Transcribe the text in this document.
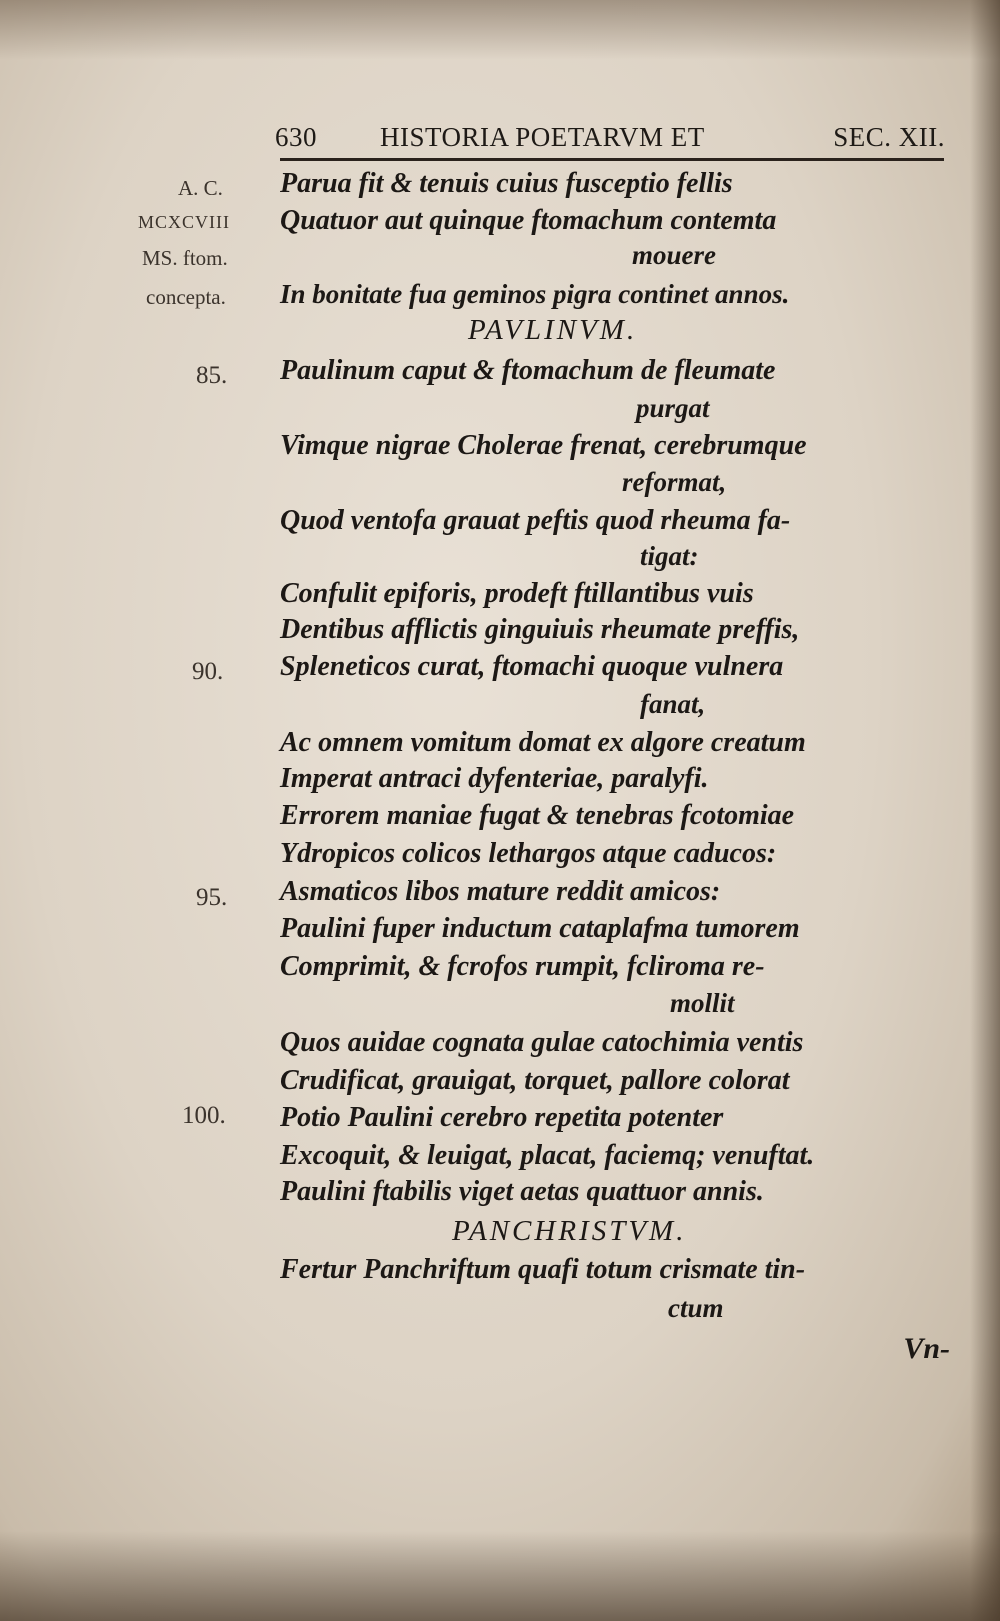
630 HISTORIA POETARVM ET	SEC. XII.
A. C.
MCXCVIII
MS. ftom.
concepta.
85.
90.
95.
100.
Parua fit & tenuis cuius fusceptio fellis
Quatuor aut quinque ftomachum contemta
mouere
In bonitate fua geminos pigra continet annos.
PAVLINVM.
Paulinum caput & ftomachum de fleumate
purgat
Vimque nigrae Cholerae frenat, cerebrumque
reformat,
Quod ventofa grauat peftis quod rheuma fa-
tigat:
Confulit epiforis, prodeft ftillantibus vuis
Dentibus afflictis ginguiuis rheumate preffis,
Spleneticos curat, ftomachi quoque vulnera
fanat,
Ac omnem vomitum domat ex algore creatum
Imperat antraci dyfenteriae, paralyfi.
Errorem maniae fugat & tenebras fcotomiae
Ydropicos colicos lethargos atque caducos:
Asmaticos libos mature reddit amicos:
Paulini fuper inductum cataplafma tumorem
Comprimit, & fcrofos rumpit, fcliroma re-
mollit
Quos auidae cognata gulae catochimia ventis
Crudificat, grauigat, torquet, pallore colorat
Potio Paulini cerebro repetita potenter
Excoquit, & leuigat, placat, faciemq; venuftat.
Paulini ftabilis viget aetas quattuor annis.
PANCHRISTVM.
Fertur Panchriftum quafi totum crismate tin-
ctum
Vn-
